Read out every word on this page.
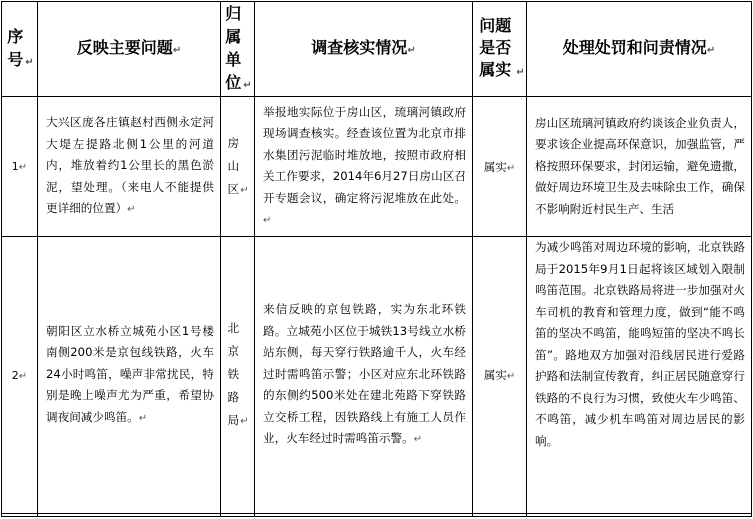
序号 ↵	反映主要问题↵	归属单位 ↵	调查核实情况↵	问题是否属实 ↵	处理处罚和问责情况↵
1↵	大兴区庞各庄镇赵村西侧永定河大堤左提路北侧1公里的河道内，堆放着约1公里长的黑色淤泥，望处理。（来电人不能提供更详细的位置）↵	房山区↵	举报地实际位于房山区，琉璃河镇政府现场调查核实。经查该位置为北京市排水集团污泥临时堆放地，按照市政府相关工作要求，2014年6月27日房山区召开专题会议，确定将污泥堆放在此处。↵	属实↵	房山区琉璃河镇政府约谈该企业负责人，要求该企业提高环保意识，加强监管，严格按照环保要求，封闭运输，避免遗撒，做好周边环境卫生及去味除虫工作，确保不影响附近村民生产、生活
2↵	朝阳区立水桥立城苑小区1号楼南侧200米是京包线铁路，火车24小时鸣笛，噪声非常扰民，特别是晚上噪声尤为严重，希望协调夜间减少鸣笛。↵	北京铁路局↵	来信反映的京包铁路，实为东北环铁路。立城苑小区位于城铁13号线立水桥站东侧，每天穿行铁路逾千人，火车经过时需鸣笛示警；小区对应东北环铁路的东侧约500米处在建北苑路下穿铁路立交桥工程，因铁路线上有施工人员作业，火车经过时需鸣笛示警。↵	属实↵	为减少鸣笛对周边环境的影响，北京铁路局于2015年9月1日起将该区域划入限制鸣笛范围。北京铁路局将进一步加强对火车司机的教育和管理力度，做到“能不鸣笛的坚决不鸣笛，能鸣短笛的坚决不鸣长笛”。路地双方加强对沿线居民进行爱路护路和法制宣传教育，纠正居民随意穿行铁路的不良行为习惯，致使火车少鸣笛、不鸣笛，减少机车鸣笛对周边居民的影响。
